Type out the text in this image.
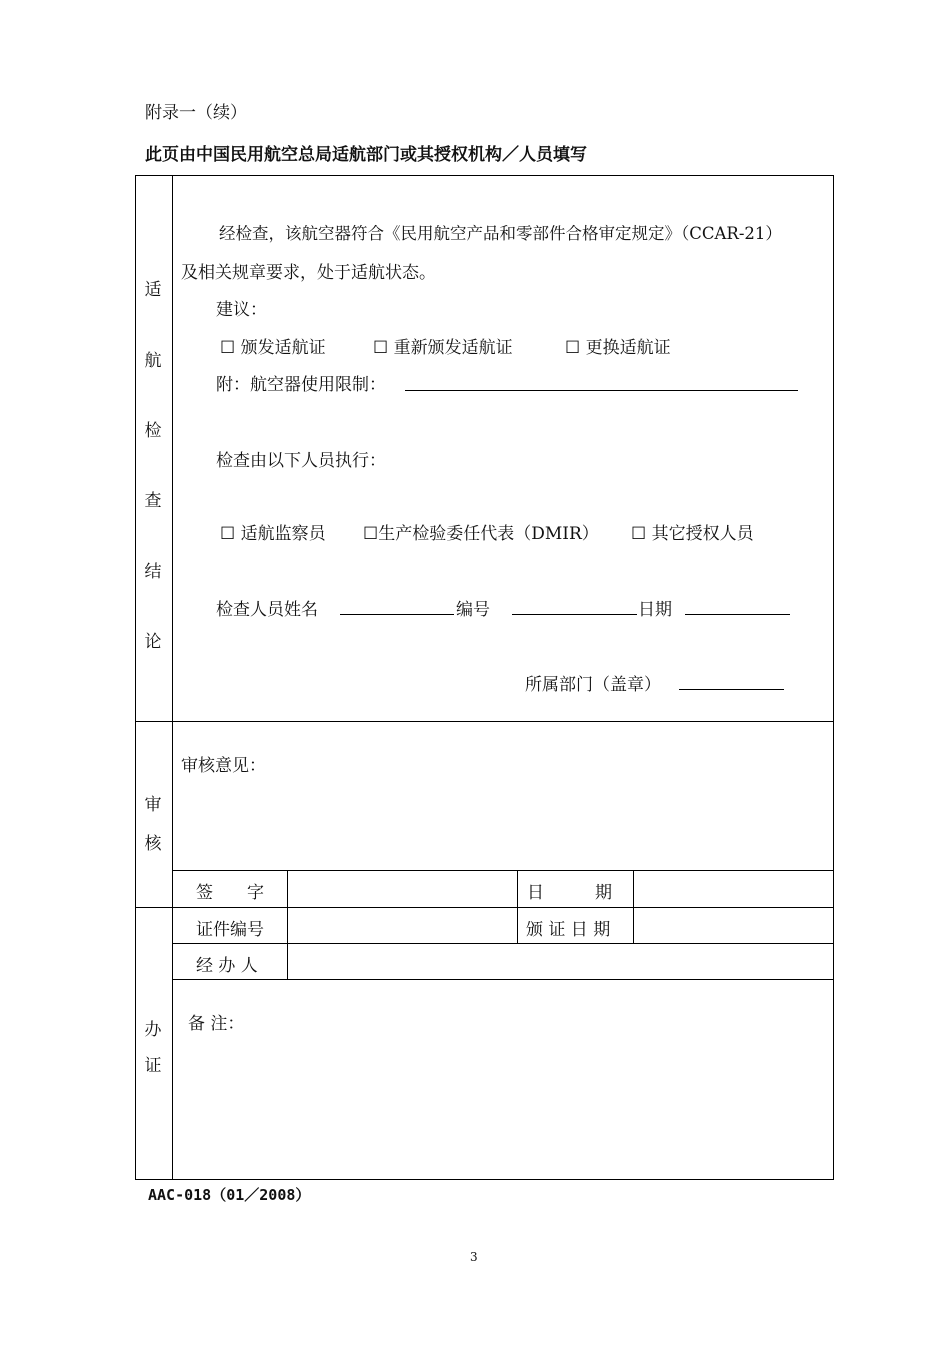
附录一（续）
此页由中国民用航空总局适航部门或其授权机构／人员填写
适
航
检
查
结
论
经检查，该航空器符合《民用航空产品和零部件合格审定规定》（CCAR-21）
及相关规章要求，处于适航状态。
建议：
☐ 颁发适航证	☐ 重新颁发适航证	☐ 更换适航证
附：航空器使用限制：
检查由以下人员执行：
☐ 适航监察员 ☐生产检验委任代表（DMIR） ☐ 其它授权人员
检查人员姓名	编号	日期
所属部门（盖章）
审
核
审核意见：
签　　字	日　　　期
办
证
证件编号	颁 证 日 期
经 办 人
备 注：
AAC-018（01／2008）
3
